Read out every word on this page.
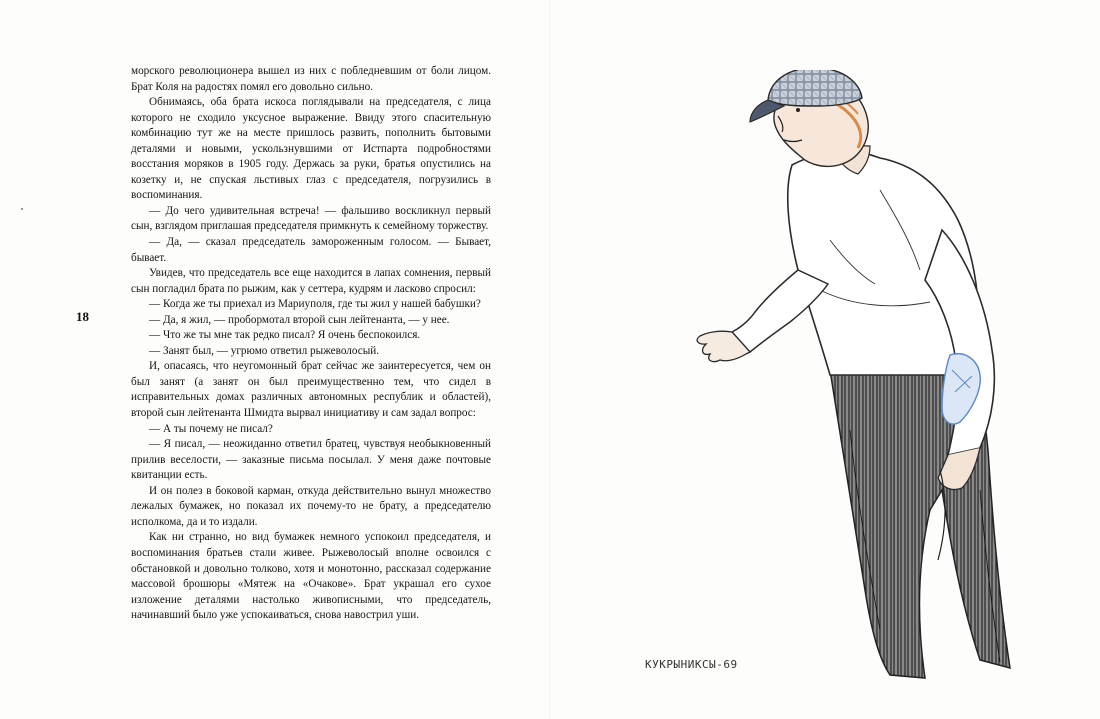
18

морского революционера вышел из них с побледневшим от боли лицом. Брат Коля на радостях помял его довольно сильно.

Обнимаясь, оба брата искоса поглядывали на председателя, с лица которого не сходило уксусное выражение. Ввиду этого спасительную комбинацию тут же на месте пришлось развить, пополнить бытовыми деталями и новыми, ускользнувшими от Истпарта подробностями восстания моряков в 1905 году. Держась за руки, братья опустились на козетку и, не спуская льстивых глаз с председателя, погрузились в воспоминания.

— До чего удивительная встреча! — фальшиво воскликнул первый сын, взглядом приглашая председателя примкнуть к семейному торжеству.

— Да, — сказал председатель замороженным голосом. — Бывает, бывает.

Увидев, что председатель все еще находится в лапах сомнения, первый сын погладил брата по рыжим, как у сеттера, кудрям и ласково спросил:

— Когда же ты приехал из Мариуполя, где ты жил у нашей бабушки?

— Да, я жил, — пробормотал второй сын лейтенанта, — у нее.

— Что же ты мне так редко писал? Я очень беспокоился.

— Занят был, — угрюмо ответил рыжеволосый.

И, опасаясь, что неугомонный брат сейчас же заинтересуется, чем он был занят (а занят он был преимущественно тем, что сидел в исправительных домах различных автономных республик и областей), второй сын лейтенанта Шмидта вырвал инициативу и сам задал вопрос:

— А ты почему не писал?

— Я писал, — неожиданно ответил братец, чувствуя необыкновенный прилив веселости, — заказные письма посылал. У меня даже почтовые квитанции есть.

И он полез в боковой карман, откуда действительно вынул множество лежалых бумажек, но показал их почему-то не брату, а председателю исполкома, да и то издали.

Как ни странно, но вид бумажек немного успокоил председателя, и воспоминания братьев стали живее. Рыжеволосый вполне освоился с обстановкой и довольно толково, хотя и монотонно, рассказал содержание массовой брошюры «Мятеж на «Очакове». Брат украшал его сухое изложение деталями настолько живописными, что председатель, начинавший было уже успокаиваться, снова навострил уши.

КУКРЫНИКСЫ-69
